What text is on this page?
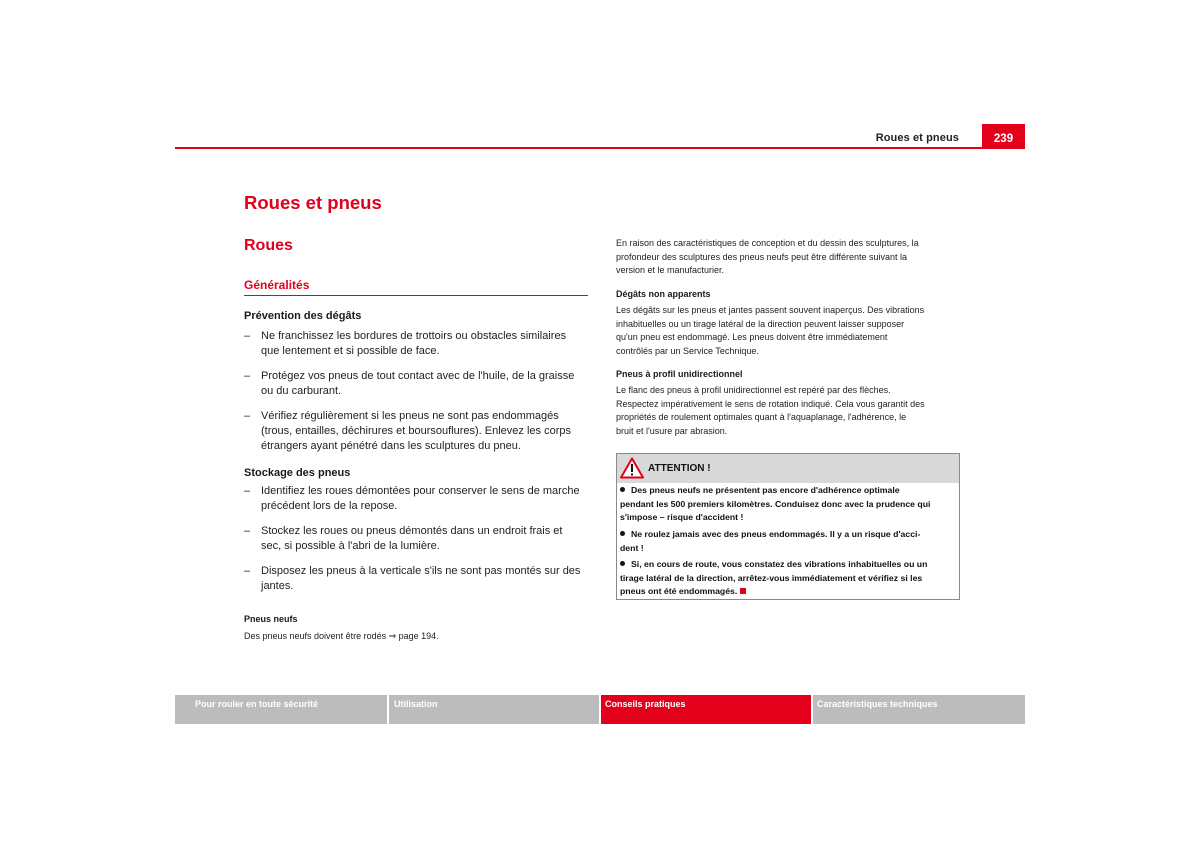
Roues et pneus	239
Roues et pneus
Roues
Généralités
Prévention des dégâts
– Ne franchissez les bordures de trottoirs ou obstacles similaires
que lentement et si possible de face.
– Protégez vos pneus de tout contact avec de l'huile, de la graisse
ou du carburant.
– Vérifiez régulièrement si les pneus ne sont pas endommagés
(trous, entailles, déchirures et boursouflures). Enlevez les corps
étrangers ayant pénétré dans les sculptures du pneu.
Stockage des pneus
– Identifiez les roues démontées pour conserver le sens de marche
précédent lors de la repose.
– Stockez les roues ou pneus démontés dans un endroit frais et
sec, si possible à l'abri de la lumière.
– Disposez les pneus à la verticale s'ils ne sont pas montés sur des
jantes.
Pneus neufs
Des pneus neufs doivent être rodés ⇒ page 194.

En raison des caractéristiques de conception et du dessin des sculptures, la
profondeur des sculptures des pneus neufs peut être différente suivant la
version et le manufacturier.

Dégâts non apparents

Les dégâts sur les pneus et jantes passent souvent inaperçus. Des vibrations
inhabituelles ou un tirage latéral de la direction peuvent laisser supposer
qu'un pneu est endommagé. Les pneus doivent être immédiatement
contrôlés par un Service Technique.

Pneus à profil unidirectionnel

Le flanc des pneus à profil unidirectionnel est repéré par des flèches.
Respectez impérativement le sens de rotation indiqué. Cela vous garantit des
propriétés de roulement optimales quant à l'aquaplanage, l'adhérence, le
bruit et l'usure par abrasion.

ATTENTION !
Des pneus neufs ne présentent pas encore d'adhérence optimale
pendant les 500 premiers kilomètres. Conduisez donc avec la prudence qui
s'impose – risque d'accident !
Ne roulez jamais avec des pneus endommagés. Il y a un risque d'acci-
dent !
Si, en cours de route, vous constatez des vibrations inhabituelles ou un
tirage latéral de la direction, arrêtez-vous immédiatement et vérifiez si les
pneus ont été endommagés.
Pour rouler en toute sécurité	Utilisation	Conseils pratiques	Caractéristiques techniques
